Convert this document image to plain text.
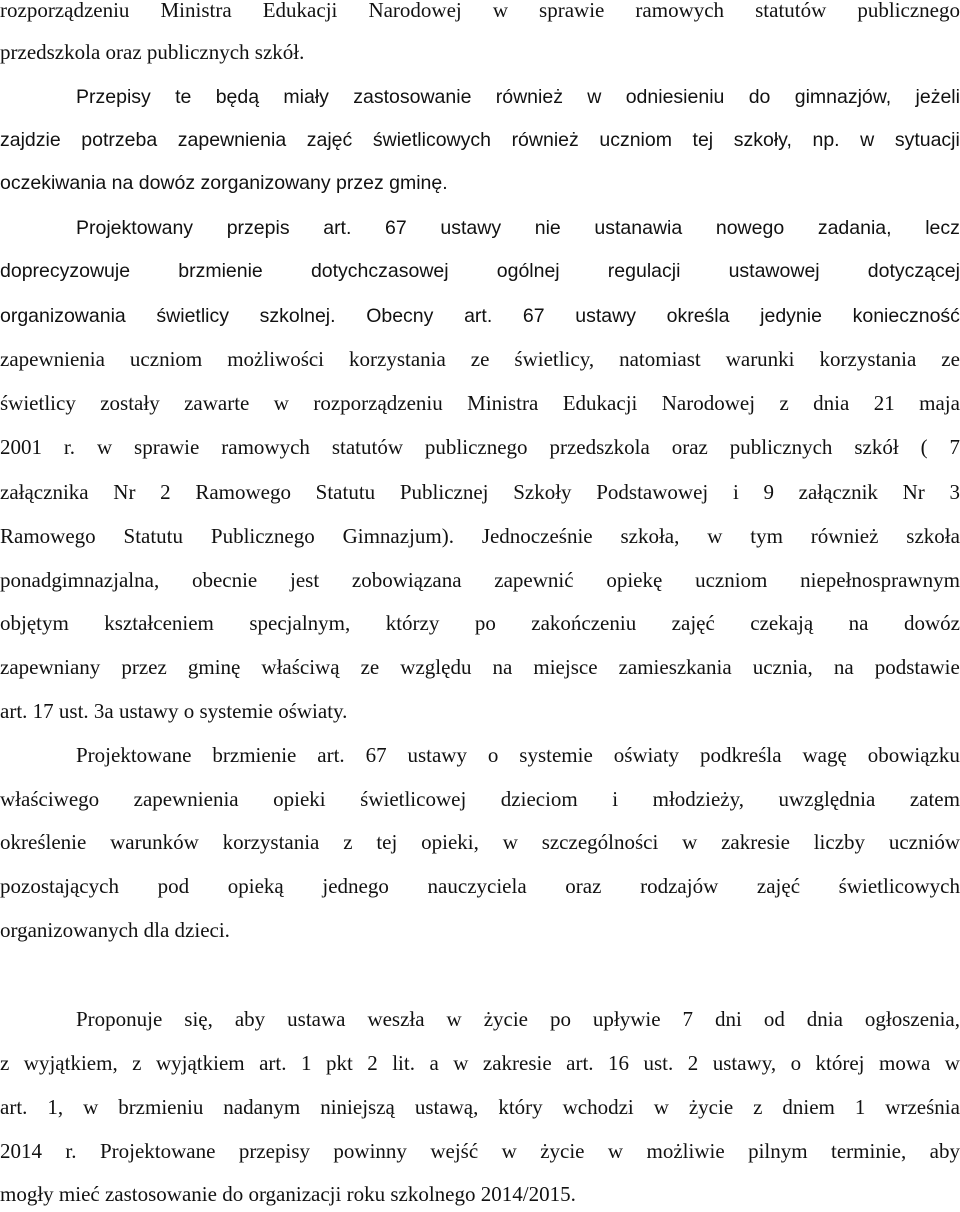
rozporządzeniu Ministra Edukacji Narodowej w sprawie ramowych statutów publicznego
przedszkola oraz publicznych szkół.
Przepisy te będą miały zastosowanie również w odniesieniu do gimnazjów, jeżeli
zajdzie potrzeba zapewnienia zajęć świetlicowych również uczniom tej szkoły, np. w sytuacji
oczekiwania na dowóz zorganizowany przez gminę.
Projektowany przepis art. 67 ustawy nie ustanawia nowego zadania, lecz
doprecyzowuje brzmienie dotychczasowej ogólnej regulacji ustawowej dotyczącej
organizowania świetlicy szkolnej. Obecny art. 67 ustawy określa jedynie konieczność
zapewnienia uczniom możliwości korzystania ze świetlicy, natomiast warunki korzystania ze
świetlicy zostały zawarte w rozporządzeniu Ministra Edukacji Narodowej z dnia 21 maja
2001 r. w sprawie ramowych statutów publicznego przedszkola oraz publicznych szkół ( 7
załącznika Nr 2 Ramowego Statutu Publicznej Szkoły Podstawowej i 9 załącznik Nr 3
Ramowego Statutu Publicznego Gimnazjum). Jednocześnie szkoła, w tym również szkoła
ponadgimnazjalna, obecnie jest zobowiązana zapewnić opiekę uczniom niepełnosprawnym
objętym kształceniem specjalnym, którzy po zakończeniu zajęć czekają na dowóz
zapewniany przez gminę właściwą ze względu na miejsce zamieszkania ucznia, na podstawie
art. 17 ust. 3a ustawy o systemie oświaty.
Projektowane brzmienie art. 67 ustawy o systemie oświaty podkreśla wagę obowiązku
właściwego zapewnienia opieki świetlicowej dzieciom i młodzieży, uwzględnia zatem
określenie warunków korzystania z tej opieki, w szczególności w zakresie liczby uczniów
pozostających pod opieką jednego nauczyciela oraz rodzajów zajęć świetlicowych
organizowanych dla dzieci.
Proponuje się, aby ustawa weszła w życie po upływie 7 dni od dnia ogłoszenia,
z wyjątkiem, z wyjątkiem art. 1 pkt 2 lit. a w zakresie art. 16 ust. 2 ustawy, o której mowa w
art. 1, w brzmieniu nadanym niniejszą ustawą, który wchodzi w życie z dniem 1 września
2014 r. Projektowane przepisy powinny wejść w życie w możliwie pilnym terminie, aby
mogły mieć zastosowanie do organizacji roku szkolnego 2014/2015.
